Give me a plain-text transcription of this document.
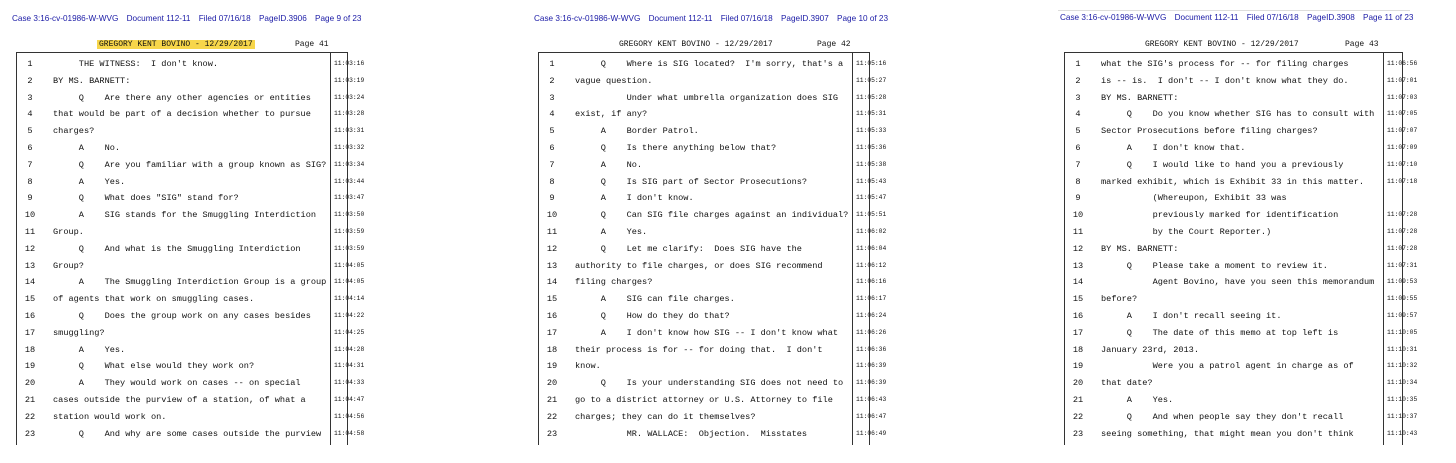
Case 3:16-cv-01986-W-WVG Document 112-11 Filed 07/16/18 PageID.3906 Page 9 of 23
GREGORY KENT BOVINO - 12/29/2017	Page 41
1	THE WITNESS:  I don't know.	11:03:16
2	BY MS. BARNETT:	11:03:19
3	Q    Are there any other agencies or entities	11:03:24
4	that would be part of a decision whether to pursue	11:03:28
5	charges?	11:03:31
6	A    No.	11:03:32
7	Q    Are you familiar with a group known as SIG? 11:03:34
8	A    Yes.	11:03:44
9	Q    What does "SIG" stand for?	11:03:47
10	A    SIG stands for the Smuggling Interdiction	11:03:50
11	Group.	11:03:59
12	Q    And what is the Smuggling Interdiction	11:03:59
13	Group?	11:04:05
14	A    The Smuggling Interdiction Group is a group 11:04:05
15	of agents that work on smuggling cases.	11:04:14
16	Q    Does the group work on any cases besides	11:04:22
17	smuggling?	11:04:25
18	A    Yes.	11:04:28
19	Q    What else would they work on?	11:04:31
20	A    They would work on cases -- on special	11:04:33
21	cases outside the purview of a station, of what a	11:04:47
22	station would work on.	11:04:56
23	Q    And why are some cases outside the purview 11:04:58
Case 3:16-cv-01986-W-WVG Document 112-11 Filed 07/16/18 PageID.3907 Page 10 of 23
GREGORY KENT BOVINO - 12/29/2017	Page 42
1	Q    Where is SIG located?  I'm sorry, that's a 11:05:16
2	vague question.	11:05:27
3	Under what umbrella organization does SIG	11:05:28
4	exist, if any?	11:05:31
5	A    Border Patrol.	11:05:33
6	Q    Is there anything below that?	11:05:36
7	A    No.	11:05:38
8	Q    Is SIG part of Sector Prosecutions?	11:05:43
9	A    I don't know.	11:05:47
10	Q    Can SIG file charges against an individual? 11:05:51
11	A    Yes.	11:06:02
12	Q    Let me clarify:  Does SIG have the	11:06:04
13	authority to file charges, or does SIG recommend	11:06:12
14	filing charges?	11:06:16
15	A    SIG can file charges.	11:06:17
16	Q    How do they do that?	11:06:24
17	A    I don't know how SIG -- I don't know what	11:06:26
18	their process is for -- for doing that.  I don't	11:06:36
19	know.	11:06:39
20	Q    Is your understanding SIG does not need to 11:06:39
21	go to a district attorney or U.S. Attorney to file	11:06:43
22	charges; they can do it themselves?	11:06:47
23	MR. WALLACE:  Objection.  Misstates	11:06:49
Case 3:16-cv-01986-W-WVG Document 112-11 Filed 07/16/18 PageID.3908 Page 11 of 23
GREGORY KENT BOVINO - 12/29/2017	Page 43
1	what the SIG's process for -- for filing charges	11:06:56
2	is -- is.  I don't -- I don't know what they do.	11:07:01
3	BY MS. BARNETT:	11:07:03
4	Q    Do you know whether SIG has to consult with 11:07:05
5	Sector Prosecutions before filing charges?	11:07:07
6	A    I don't know that.	11:07:09
7	Q    I would like to hand you a previously	11:07:10
8	marked exhibit, which is Exhibit 33 in this matter.	11:07:18
9	(Whereupon, Exhibit 33 was
10	previously marked for identification	11:07:28
11	by the Court Reporter.)	11:07:28
12	BY MS. BARNETT:	11:07:28
13	Q    Please take a moment to review it.	11:07:31
14	Agent Bovino, have you seen this memorandum 11:09:53
15	before?	11:09:55
16	A    I don't recall seeing it.	11:09:57
17	Q    The date of this memo at top left is	11:10:05
18	January 23rd, 2013.	11:10:31
19	Were you a patrol agent in charge as of	11:10:32
20	that date?	11:10:34
21	A    Yes.	11:10:35
22	Q    And when people say they don't recall	11:10:37
23	seeing something, that might mean you don't think	11:10:43
